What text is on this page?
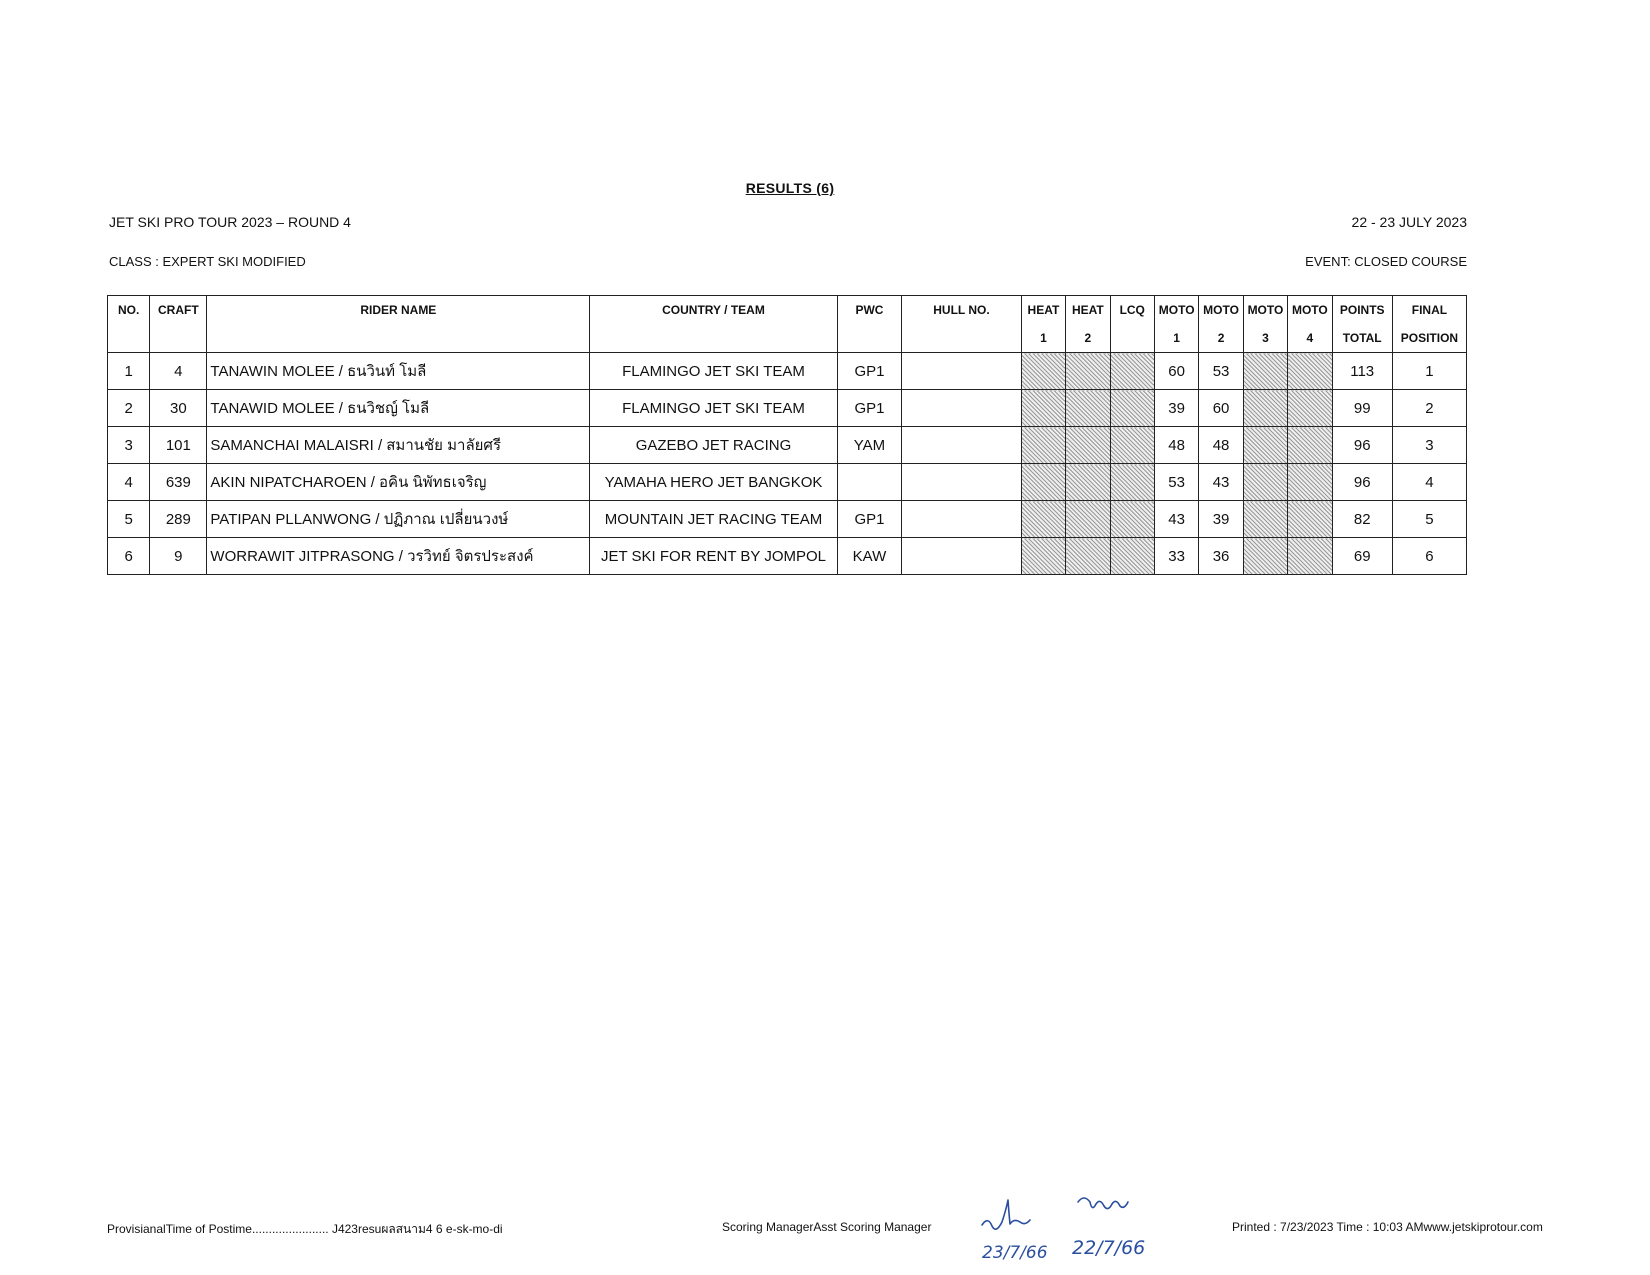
RESULTS (6)
JET SKI PRO TOUR 2023 – ROUND 4	22 - 23 JULY 2023
CLASS : EXPERT SKI MODIFIED	EVENT: CLOSED COURSE
NO.	CRAFT	RIDER NAME	COUNTRY / TEAM	PWC	HULL NO.	HEAT	HEAT	LCQ	MOTO	MOTO	MOTO	MOTO	POINTS	FINAL
						1	2		1	2	3	4	TOTAL	POSITION
1	4	TANAWIN MOLEE / ธนวินท์ โมลี	FLAMINGO JET SKI TEAM	GP1					60	53			113	1
2	30	TANAWID MOLEE / ธนวิชญ์ โมลี	FLAMINGO JET SKI TEAM	GP1					39	60			99	2
3	101	SAMANCHAI MALAISRI / สมานชัย มาลัยศรี	GAZEBO JET RACING	YAM					48	48			96	3
4	639	AKIN NIPATCHAROEN / อคิน นิพัทธเจริญ	YAMAHA HERO JET BANGKOK						53	43			96	4
5	289	PATIPAN PLLANWONG / ปฏิภาณ เปลี่ยนวงษ์	MOUNTAIN JET RACING TEAM	GP1					43	39			82	5
6	9	WORRAWIT JITPRASONG / วรวิทย์ จิตรประสงค์	JET SKI FOR RENT BY JOMPOL	KAW					33	36			69	6
ProvisianalTime of Postime....................... J423resuผลสนาม4 6 e-sk-mo-di	Scoring ManagerAsst Scoring Manager	Printed : 7/23/2023 Time : 10:03 AMwww.jetskiprotour.com
23/7/66 22/7/66
